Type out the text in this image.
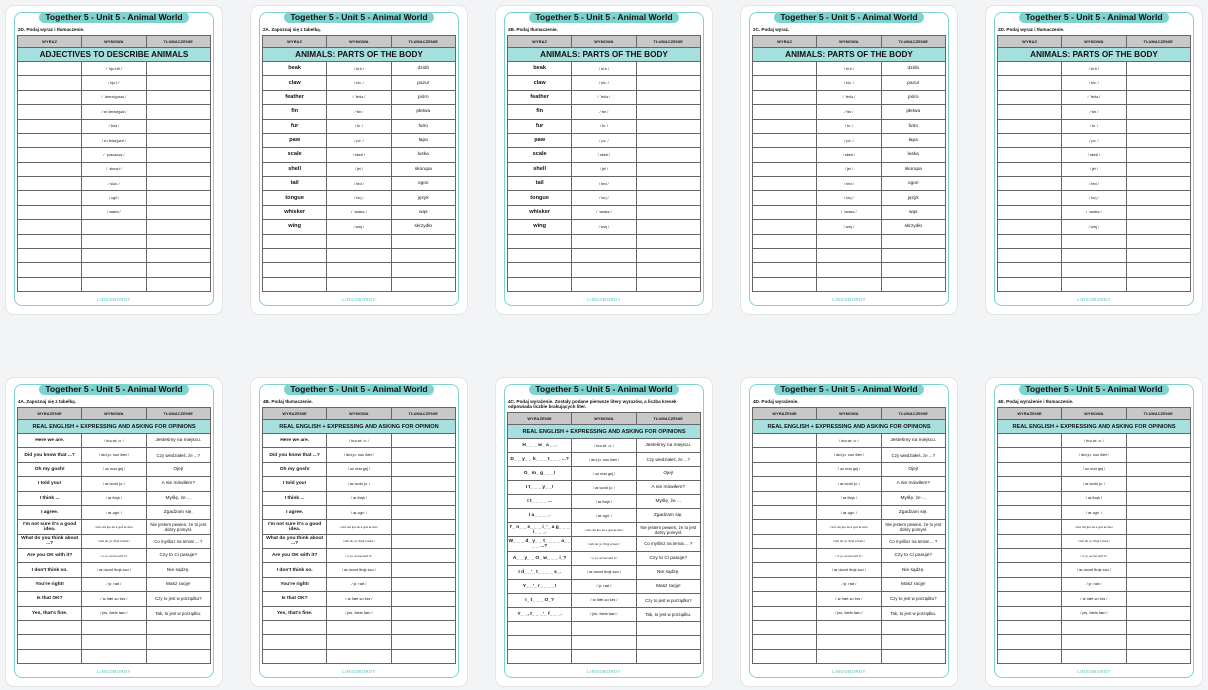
Together 5 - Unit 5 - Animal World
2D. Podaj wyraz i tłumaczenie.
WYRAZ	WYMOWA	TŁUMACZENIE
ADJECTIVES TO DESCRIBE ANIMALS		
	/ ˈbjuːtɪfl /	
	/ kjuːt /	
	/ ˈdeɪndʒərəs /	
	/ ɪnˈdeɪndʒəd /	
	/ fʌnɪ /	
	/ ɪnˈtelɪdʒənt /	
	/ ˈpɔɪzənəs /	
	/ ˈskeəri /	
	/ sləʊ /	
	/ ʌgli /	
	/ waɪld /	

LINGOBORDY
Together 5 - Unit 5 - Animal World
2A. Zapoznaj się z tabelką.
WYRAZ	WYMOWA	TŁUMACZENIE
ANIMALS: PARTS OF THE BODY		
beak	/ biːk /	dziób
claw	/ klɔː /	pazur
feather	/ ˈfeðə /	pióro
fin	/ fɪn /	płetwa
fur	/ fɜː /	futro
paw	/ pɔː /	łapa
scale	/ skeɪl /	łuska
shell	/ ʃel /	skorupa
tail	/ teɪl /	ogon
tongue	/ tʌŋ /	język
whisker	/ ˈwɪskə /	wąs
wing	/ wɪŋ /	skrzydło

LINGOBORDY
Together 5 - Unit 5 - Animal World
2B. Podaj tłumaczenie.
WYRAZ	WYMOWA	TŁUMACZENIE
ANIMALS: PARTS OF THE BODY		
beak	/ biːk /	
claw	/ klɔː /	
feather	/ ˈfeðə /	
fin	/ fɪn /	
fur	/ fɜː /	
paw	/ pɔː /	
scale	/ skeɪl /	
shell	/ ʃel /	
tail	/ teɪl /	
tongue	/ tʌŋ /	
whisker	/ ˈwɪskə /	
wing	/ wɪŋ /	

LINGOBORDY
Together 5 - Unit 5 - Animal World
2C. Podaj wyraz.
WYRAZ	WYMOWA	TŁUMACZENIE
ANIMALS: PARTS OF THE BODY		
	/ biːk /	dziób
	/ klɔː /	pazur
	/ ˈfeðə /	pióro
	/ fɪn /	płetwa
	/ fɜː /	futro
	/ pɔː /	łapa
	/ skeɪl /	łuska
	/ ʃel /	skorupa
	/ teɪl /	ogon
	/ tʌŋ /	język
	/ ˈwɪskə /	wąs
	/ wɪŋ /	skrzydło

LINGOBORDY
Together 5 - Unit 5 - Animal World
2D. Podaj wyraz i tłumaczenie.
WYRAZ	WYMOWA	TŁUMACZENIE
ANIMALS: PARTS OF THE BODY		
	/ biːk /	
	/ klɔː /	
	/ ˈfeðə /	
	/ fɪn /	
	/ fɜː /	
	/ pɔː /	
	/ skeɪl /	
	/ ʃel /	
	/ teɪl /	
	/ tʌŋ /	
	/ ˈwɪskə /	
	/ wɪŋ /	

LINGOBORDY
Together 5 - Unit 5 - Animal World
4A. Zapoznaj się z tabelką.
WYRAŻENIE	WYMOWA	TŁUMACZENIE
REAL ENGLISH + EXPRESSING AND ASKING FOR OPINIONS		
Here we are.	/ hɪə wiː ɑː /	Jesteśmy na miejscu.
Did you know that ...?	/ dɪd juː nəʊ ðæt /	Czy wiedziałeś, że ...?
Oh my gosh!	/ əʊ maɪ gɒʃ /	Ojej!
I told you!	/ aɪ təʊld juː /	A nie mówiłem?
I think ...	/ aɪ θɪŋk /	Myślę, że ...
I agree.	/ aɪ əgriː /	Zgadzam się.
I'm not sure it's a good idea.	/ aɪm nɒt ʃʊə ɪts ə gʊd aɪˈdɪə /	Nie jestem pewien, że to jest dobry pomysł.
What do you think about ...?	/ wɒt duː juː θɪŋk əˈbaʊt /	Co myślisz na temat ... ?
Are you OK with it?	/ ɑː juː əʊˈkeɪ wɪð ɪt /	Czy to Ci pasuje?
I don't think so.	/ aɪ dəʊnt θɪŋk səʊ /	Nie sądzę.
You're right!	/ jɔː raɪt /	Masz rację!
Is that OK?	/ ɪz ðæt əʊˈkeɪ /	Czy to jest w porządku?
Yes, that's fine.	/ jes, ðæts faɪn /	Tak, to jest w porządku.

LINGOBORDY
Together 5 - Unit 5 - Animal World
4B. Podaj tłumaczenie.
WYRAŻENIE	WYMOWA	TŁUMACZENIE
REAL ENGLISH + EXPRESSING AND ASKING FOR OPINION		
Here we are.	/ hɪə wiː ɑː /	
Did you know that ...?	/ dɪd juː nəʊ ðæt /	
Oh my gosh!	/ əʊ maɪ gɒʃ /	
I told you!	/ aɪ təʊld juː /	
I think ...	/ aɪ θɪŋk /	
I agree.	/ aɪ əgriː /	
I'm not sure it's a good idea.	/ aɪm nɒt ʃʊə ɪts ə gʊd aɪˈdɪə /	
What do you think about ...?	/ wɒt duː juː θɪŋk əˈbaʊt /	
Are you OK with it?	/ ɑː juː əʊˈkeɪ wɪð ɪt /	
I don't think so.	/ aɪ dəʊnt θɪŋk səʊ /	
You're right!	/ jɔː raɪt /	
Is that OK?	/ ɪz ðæt əʊˈkeɪ /	
Yes, that's fine.	/ jes, ðæts faɪn /	

LINGOBORDY
Together 5 - Unit 5 - Animal World
4C. Podaj wyrażenie. Zostały podane pierwsze litery wyrazów, a liczba kresek odpowiada liczbie brakujących liter.
WYRAŻENIE	WYMOWA	TŁUMACZENIE
REAL ENGLISH + EXPRESSING AND ASKING FOR OPINIONS		
H_ _ _ w_ a_ _.	/ hɪə wiː ɑː /	Jesteśmy na miejscu.
D_ _ y_ _ k_ _ _ t_ _ _ ...?	/ dɪd juː nəʊ ðæt /	Czy wiedziałeś, że ...?
O_ m_ g_ _ _!	/ əʊ maɪ gɒʃ /	Ojej!
I t_ _ _ y_ _!	/ aɪ təʊld juː /	A nie mówiłem?
I t_ _ _ _ ...	/ aɪ θɪŋk /	Myślę, że ...
I a_ _ _ _.	/ aɪ əgriː /	Zgadzam się.
I'_ n_ _ s_ _ _ i_'_ a g_ _ _ i_ _ _.	/ aɪm nɒt ʃʊə ɪts ə gʊd aɪˈdɪə /	Nie jestem pewien, że to jest dobry pomysł.
W_ _ _ d_ y_ _ t_ _ _ _ a_ _ _ _ ...?	/ wɒt duː juː θɪŋk əˈbaʊt /	Co myślisz na temat ... ?
A_ _ y_ _ O_ w_ _ _ i_?	/ ɑː juː əʊˈkeɪ wɪð ɪt /	Czy to Ci pasuje?
I d_ _'_ t_ _ _ _ s_.	/ aɪ dəʊnt θɪŋk səʊ /	Nie sądzę.
Y_ _'_ r_ _ _ _!	/ jɔː raɪt /	Masz rację!
I_ t_ _ _ O_?	/ ɪz ðæt əʊˈkeɪ /	Czy to jest w porządku?
Y_ _, t_ _ _'_ f_ _ _.	/ jes, ðæts faɪn /	Tak, to jest w porządku.

LINGOBORDY
Together 5 - Unit 5 - Animal World
4D. Podaj wyrażenie.
WYRAŻENIE	WYMOWA	TŁUMACZENIE
REAL ENGLISH + EXPRESSING AND ASKING FOR OPINIONS		
	/ hɪə wiː ɑː /	Jesteśmy na miejscu.
	/ dɪd juː nəʊ ðæt /	Czy wiedziałeś, że ...?
	/ əʊ maɪ gɒʃ /	Ojej!
	/ aɪ təʊld juː /	A nie mówiłem?
	/ aɪ θɪŋk /	Myślę, że ...
	/ aɪ əgriː /	Zgadzam się.
	/ aɪm nɒt ʃʊə ɪts ə gʊd aɪˈdɪə /	Nie jestem pewien, że to jest dobry pomysł.
	/ wɒt duː juː θɪŋk əˈbaʊt /	Co myślisz na temat ... ?
	/ ɑː juː əʊˈkeɪ wɪð ɪt /	Czy to Ci pasuje?
	/ aɪ dəʊnt θɪŋk səʊ /	Nie sądzę.
	/ jɔː raɪt /	Masz rację!
	/ ɪz ðæt əʊˈkeɪ /	Czy to jest w porządku?
	/ jes, ðæts faɪn /	Tak, to jest w porządku.

LINGOBORDY
Together 5 - Unit 5 - Animal World
4E. Podaj wyrażenie i tłumaczenie.
WYRAŻENIE	WYMOWA	TŁUMACZENIE
REAL ENGLISH + EXPRESSING AND ASKING FOR OPINIONS		
	/ hɪə wiː ɑː /	
	/ dɪd juː nəʊ ðæt /	
	/ əʊ maɪ gɒʃ /	
	/ aɪ təʊld juː /	
	/ aɪ θɪŋk /	
	/ aɪ əgriː /	
	/ aɪm nɒt ʃʊə ɪts ə gʊd aɪˈdɪə /	
	/ wɒt duː juː θɪŋk əˈbaʊt /	
	/ ɑː juː əʊˈkeɪ wɪð ɪt /	
	/ aɪ dəʊnt θɪŋk səʊ /	
	/ jɔː raɪt /	
	/ ɪz ðæt əʊˈkeɪ /	
	/ jes, ðæts faɪn /	

LINGOBORDY
